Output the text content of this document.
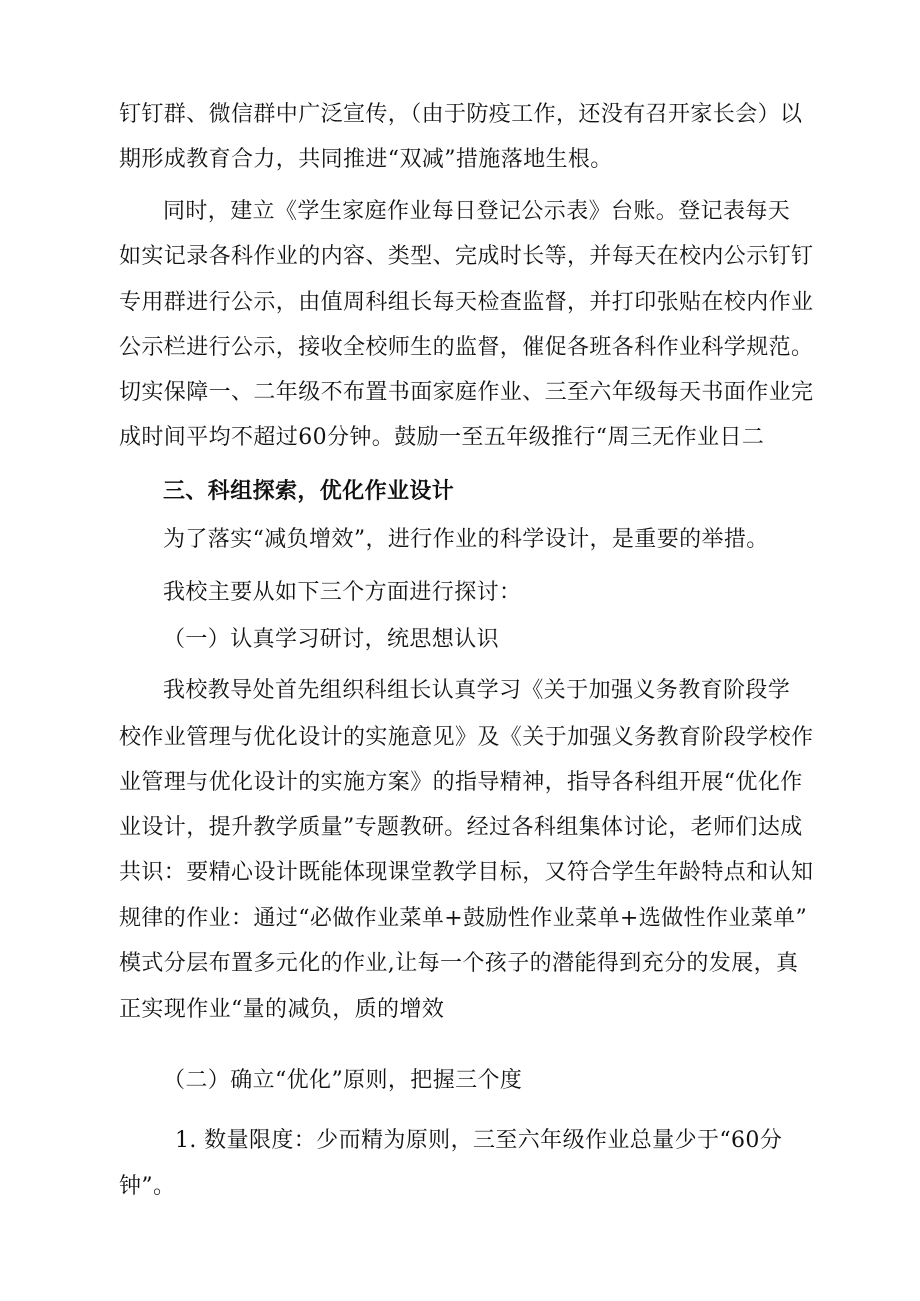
钉钉群、微信群中广泛宣传，（由于防疫工作，还没有召开家长会）以
期形成教育合力，共同推进“双减”措施落地生根。
同时，建立《学生家庭作业每日登记公示表》台账。登记表每天
如实记录各科作业的内容、类型、完成时长等，并每天在校内公示钉钉
专用群进行公示，由值周科组长每天检查监督，并打印张贴在校内作业
公示栏进行公示，接收全校师生的监督，催促各班各科作业科学规范。
切实保障一、二年级不布置书面家庭作业、三至六年级每天书面作业完
成时间平均不超过60分钟。鼓励一至五年级推行“周三无作业日二
三、科组探索，优化作业设计
为了落实“减负增效”，进行作业的科学设计，是重要的举措。
我校主要从如下三个方面进行探讨：
（一）认真学习研讨，统思想认识
我校教导处首先组织科组长认真学习《关于加强义务教育阶段学
校作业管理与优化设计的实施意见》及《关于加强义务教育阶段学校作
业管理与优化设计的实施方案》的指导精神，指导各科组开展“优化作
业设计，提升教学质量”专题教研。经过各科组集体讨论，老师们达成
共识：要精心设计既能体现课堂教学目标，又符合学生年龄特点和认知
规律的作业：通过“必做作业菜单+鼓励性作业菜单+选做性作业菜单”
模式分层布置多元化的作业,让每一个孩子的潜能得到充分的发展，真
正实现作业“量的减负，质的增效
（二）确立“优化”原则，把握三个度
1. 数量限度：少而精为原则，三至六年级作业总量少于“60分
钟”。
